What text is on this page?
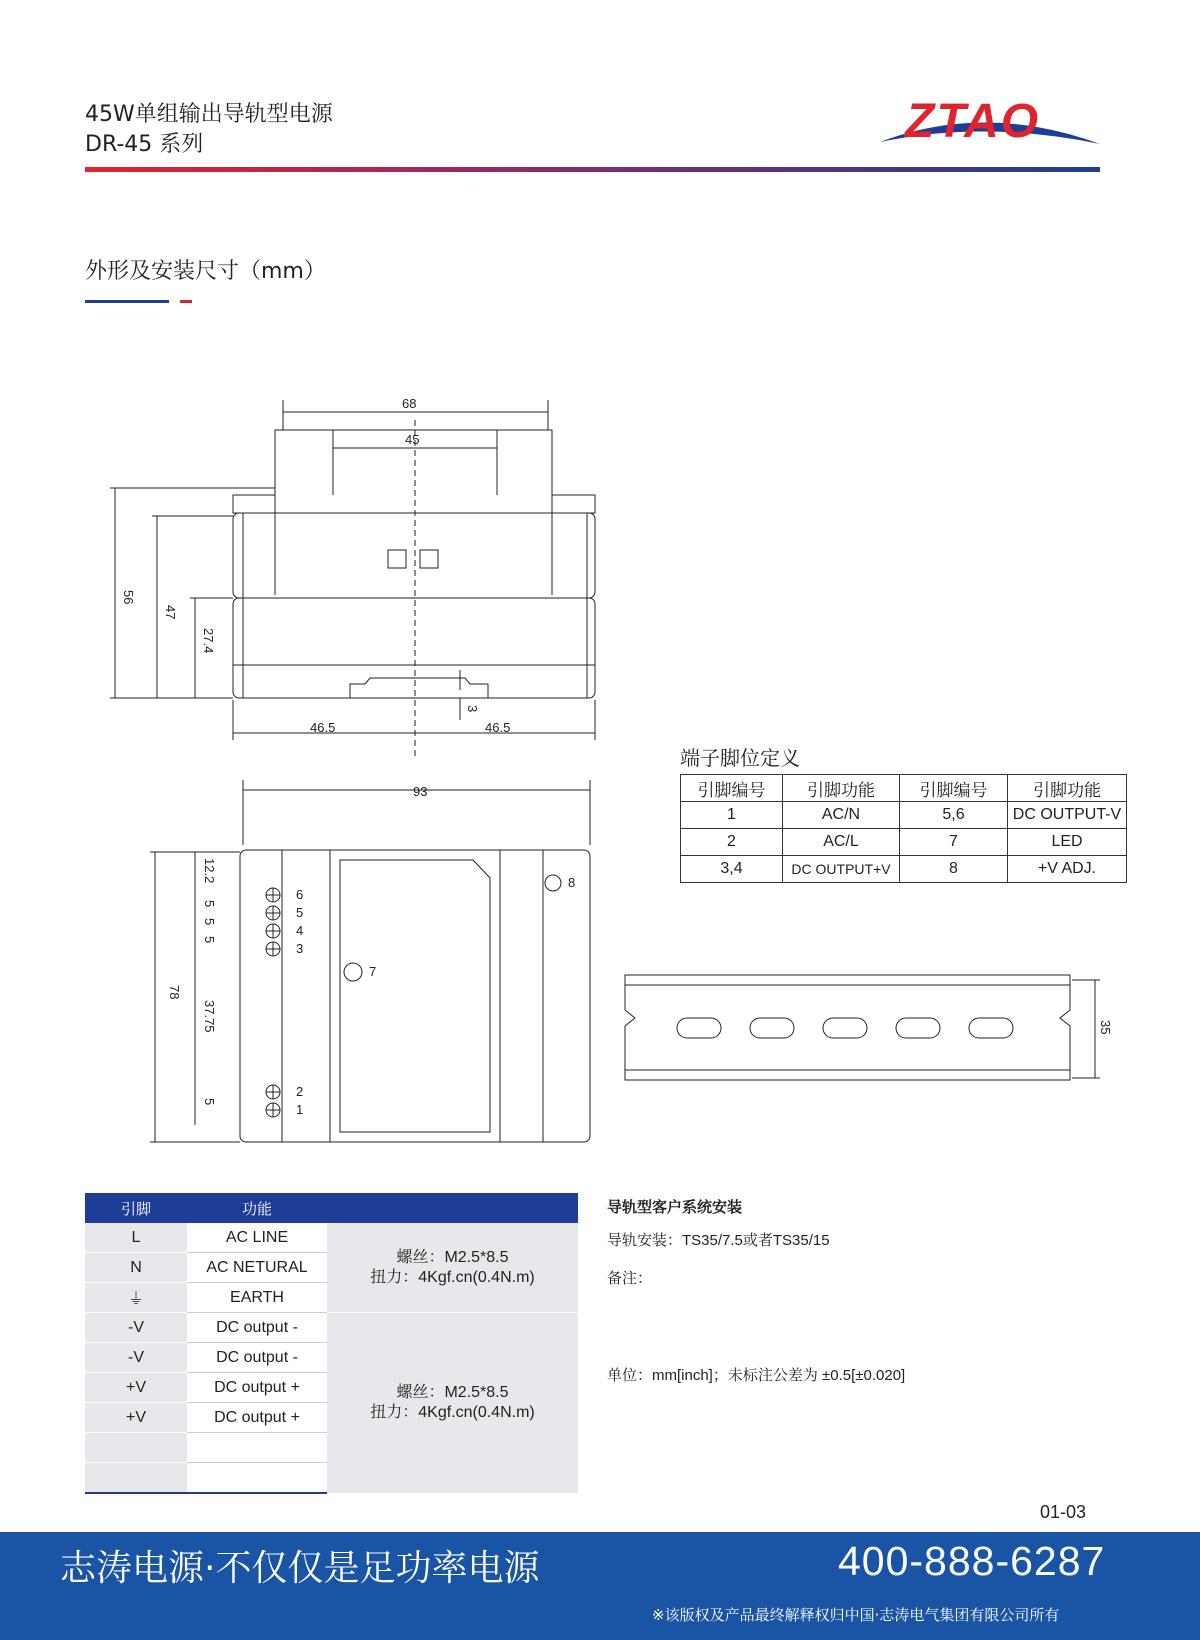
45W单组输出导轨型电源
DR-45 系列	ZTAO
外形及安装尺寸（mm）
68
45
56
47
27.4
3
46.5	46.5
93
78
12.2
5
5
5
37.75
5
6
5
4
3
2
1
8
7
端子脚位定义
引脚编号	引脚功能	引脚编号	引脚功能
1	AC/N	5,6	DC OUTPUT-V
2	AC/L	7	LED
3,4	DC OUTPUT+V	8	+V ADJ.
35
引脚	功能	
L	AC LINE	螺丝：M2.5*8.5
扭力：4Kgf.cn(0.4N.m)

N	AC NETURAL	
⏚	EARTH	
-V	DC output -	螺丝：M2.5*8.5
扭力：4Kgf.cn(0.4N.m)

-V	DC output -	
+V	DC output +	
+V	DC output +	

导轨型客户系统安装
导轨安装：TS35/7.5或者TS35/15
备注：
单位：mm[inch]；未标注公差为 ±0.5[±0.020]
01-03
志涛电源·不仅仅是足功率电源	400-888-6287
※该版权及产品最终解释权归中国·志涛电气集团有限公司所有
